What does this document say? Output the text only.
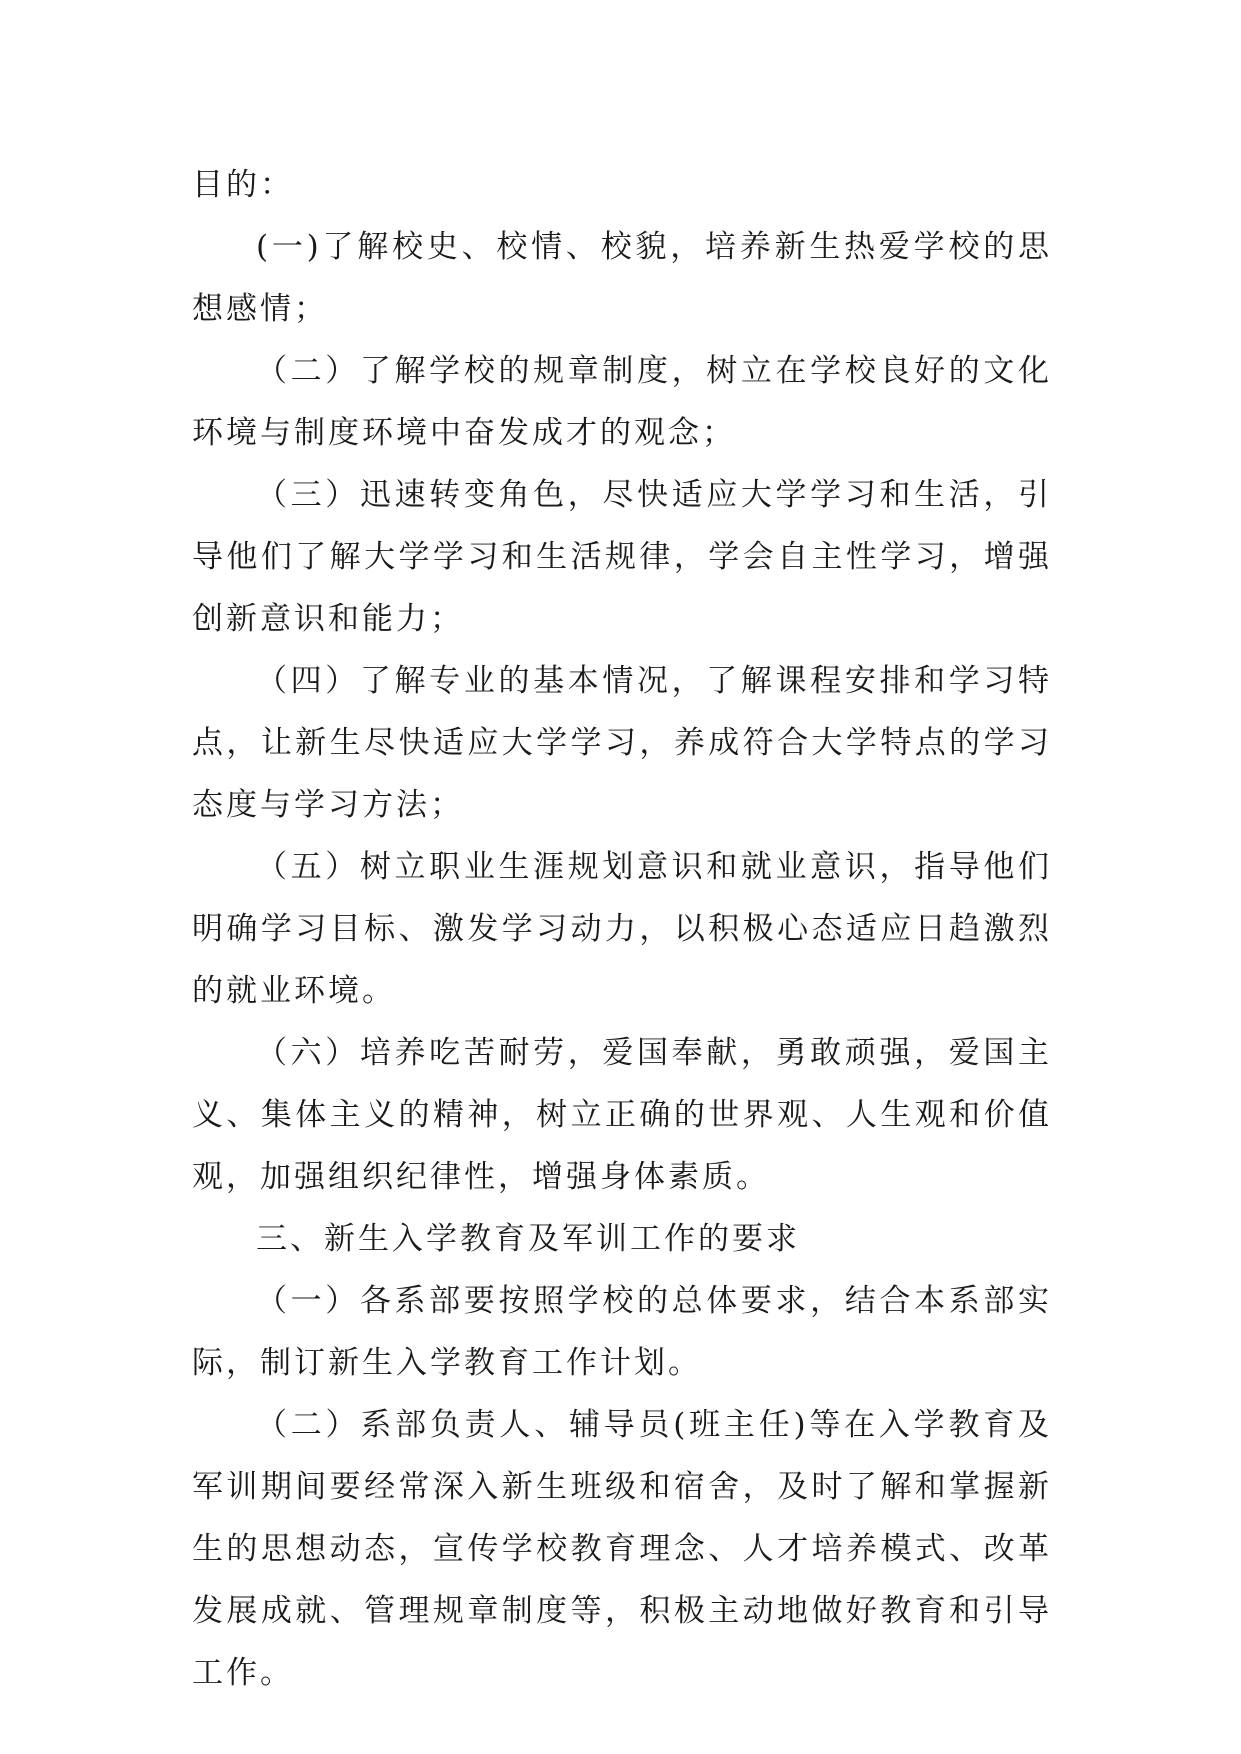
目的：

(一)了解校史、校情、校貌，培养新生热爱学校的思想感情；

（二）了解学校的规章制度，树立在学校良好的文化环境与制度环境中奋发成才的观念；

（三）迅速转变角色，尽快适应大学学习和生活，引导他们了解大学学习和生活规律，学会自主性学习，增强创新意识和能力；

（四）了解专业的基本情况，了解课程安排和学习特点，让新生尽快适应大学学习，养成符合大学特点的学习态度与学习方法；

（五）树立职业生涯规划意识和就业意识，指导他们明确学习目标、激发学习动力，以积极心态适应日趋激烈的就业环境。

（六）培养吃苦耐劳，爱国奉献，勇敢顽强，爱国主义、集体主义的精神，树立正确的世界观、人生观和价值观，加强组织纪律性，增强身体素质。

三、新生入学教育及军训工作的要求

（一）各系部要按照学校的总体要求，结合本系部实际，制订新生入学教育工作计划。

（二）系部负责人、辅导员(班主任)等在入学教育及军训期间要经常深入新生班级和宿舍，及时了解和掌握新生的思想动态，宣传学校教育理念、人才培养模式、改革发展成就、管理规章制度等，积极主动地做好教育和引导工作。
